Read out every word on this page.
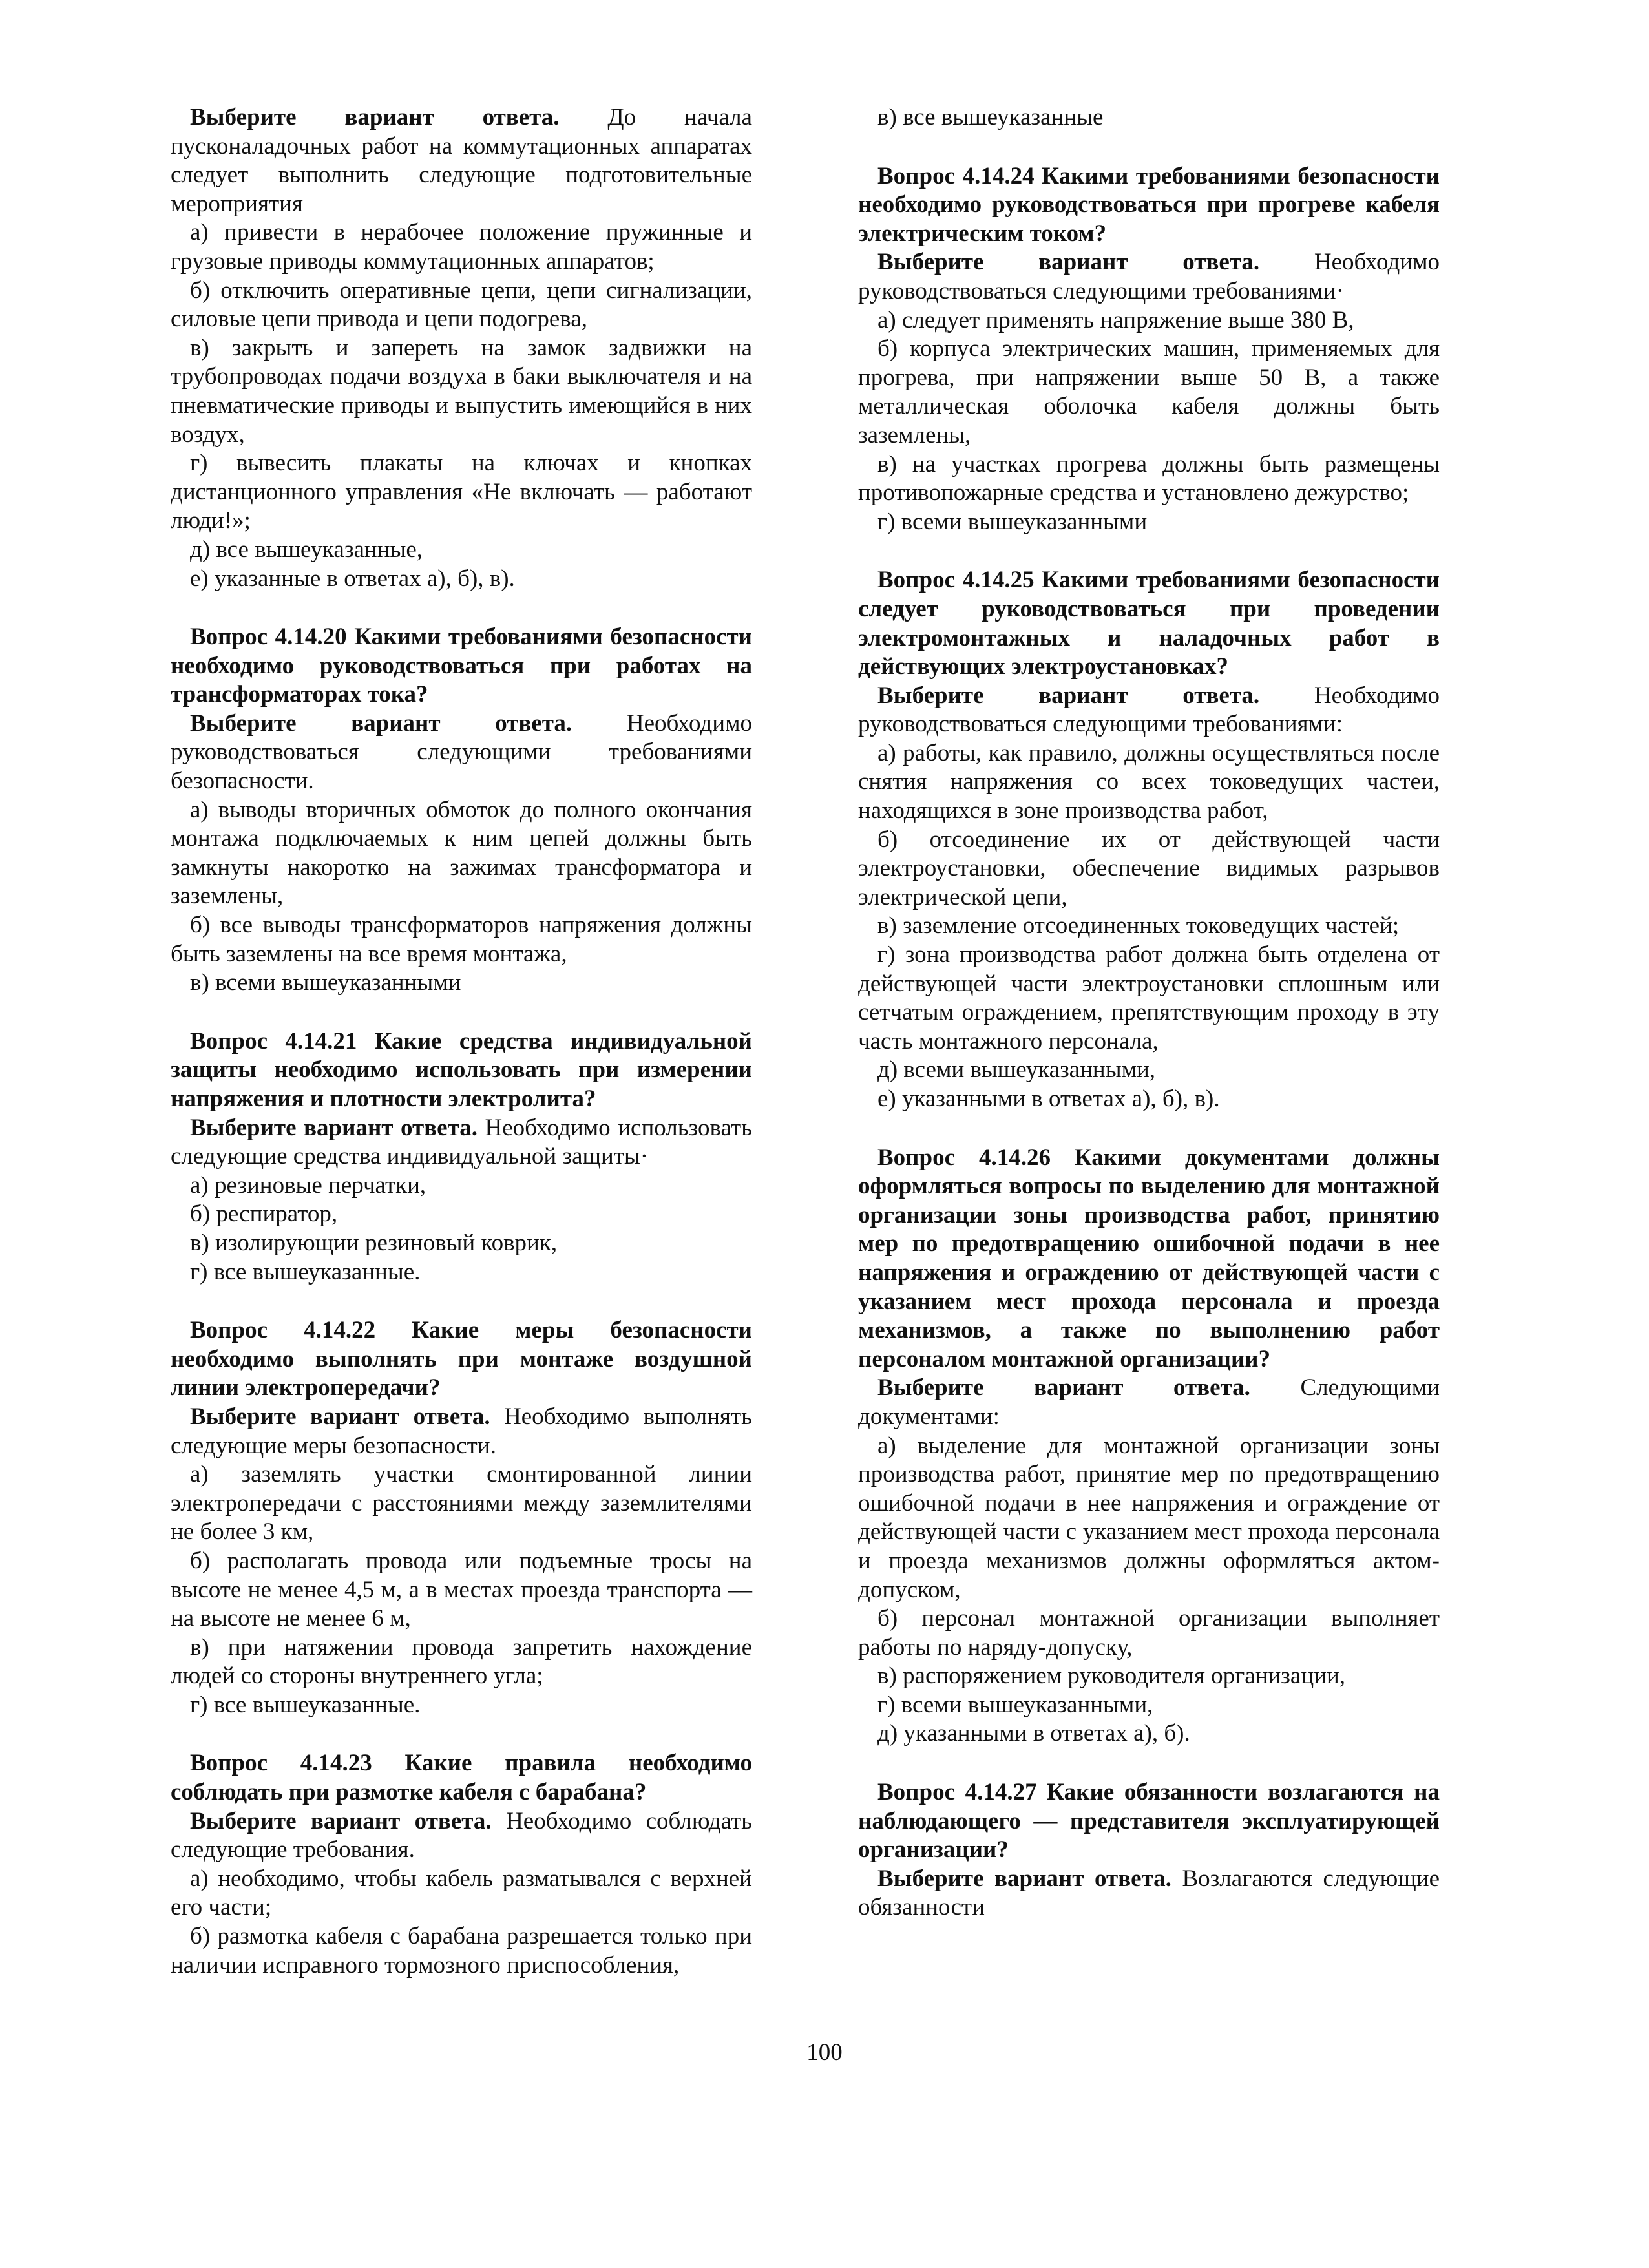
Выберите вариант ответа. До начала пусконаладочных работ на коммутационных аппаратах следует выполнить следующие подготовительные мероприятия

а) привести в нерабочее положение пружинные и грузовые приводы коммутационных аппаратов;

б) отключить оперативные цепи, цепи сигнализации, силовые цепи привода и цепи подогрева,

в) закрыть и запереть на замок задвижки на трубопроводах подачи воздуха в баки выключателя и на пневматические приводы и выпустить имеющийся в них воздух,

г) вывесить плакаты на ключах и кнопках дистанционного управления «Не включать — работают люди!»;

д) все вышеуказанные,

е) указанные в ответах а), б), в).

Вопрос 4.14.20 Какими требованиями безопасности необходимо руководствоваться при работах на трансформаторах тока?

Выберите вариант ответа. Необходимо руководствоваться следующими требованиями безопасности.

а) выводы вторичных обмоток до полного окончания монтажа подключаемых к ним цепей должны быть замкнуты накоротко на зажимах трансформатора и заземлены,

б) все выводы трансформаторов напряжения должны быть заземлены на все время монтажа,

в) всеми вышеуказанными

Вопрос 4.14.21 Какие средства индивидуальной защиты необходимо использовать при измерении напряжения и плотности электролита?

Выберите вариант ответа. Необходимо использовать следующие средства индивидуальной защиты·

а) резиновые перчатки,

б) респиратор,

в) изолирующии резиновый коврик,

г) все вышеуказанные.

Вопрос 4.14.22 Какие меры безопасности необходимо выполнять при монтаже воздушной линии электропередачи?

Выберите вариант ответа. Необходимо выполнять следующие меры безопасности.

а) заземлять участки смонтированной линии электропередачи с расстояниями между заземлителями не более 3 км,

б) располагать провода или подъемные тросы на высоте не менее 4,5 м, а в местах проезда транспорта — на высоте не менее 6 м,

в) при натяжении провода запретить нахождение людей со стороны внутреннего угла;

г) все вышеуказанные.

Вопрос 4.14.23 Какие правила необходимо соблюдать при размотке кабеля с барабана?

Выберите вариант ответа. Необходимо соблюдать следующие требования.

а) необходимо, чтобы кабель разматывался с верхней его части;

б) размотка кабеля с барабана разрешается только при наличии исправного тормозного приспособления,

в) все вышеуказанные

Вопрос 4.14.24 Какими требованиями безопасности необходимо руководствоваться при прогреве кабеля электрическим током?

Выберите вариант ответа. Необходимо руководствоваться следующими требованиями·

а) следует применять напряжение выше 380 В,

б) корпуса электрических машин, применяемых для прогрева, при напряжении выше 50 В, а также металлическая оболочка кабеля должны быть заземлены,

в) на участках прогрева должны быть размещены противопожарные средства и установлено дежурство;

г) всеми вышеуказанными

Вопрос 4.14.25 Какими требованиями безопасности следует руководствоваться при проведении электромонтажных и наладочных работ в действующих электроустановках?

Выберите вариант ответа. Необходимо руководствоваться следующими требованиями:

а) работы, как правило, должны осуществляться после снятия напряжения со всех токоведущих частеи, находящихся в зоне производства работ,

б) отсоединение их от действующей части электроустановки, обеспечение видимых разрывов электрической цепи,

в) заземление отсоединенных токоведущих частей;

г) зона производства работ должна быть отделена от действующей части электроустановки сплошным или сетчатым ограждением, препятствующим проходу в эту часть монтажного персонала,

д) всеми вышеуказанными,

е) указанными в ответах а), б), в).

Вопрос 4.14.26 Какими документами должны оформляться вопросы по выделению для монтажной организации зоны производства работ, принятию мер по предотвращению ошибочной подачи в нее напряжения и ограждению от действующей части с указанием мест прохода персонала и проезда механизмов, а также по выполнению работ персоналом монтажной организации?

Выберите вариант ответа. Следующими документами:

а) выделение для монтажной организации зоны производства работ, принятие мер по предотвращению ошибочной подачи в нее напряжения и ограждение от действующей части с указанием мест прохода персонала и проезда механизмов должны оформляться актом-допуском,

б) персонал монтажной организации выполняет работы по наряду-допуску,

в) распоряжением руководителя организации,

г) всеми вышеуказанными,

д) указанными в ответах а), б).

Вопрос 4.14.27 Какие обязанности возлагаются на наблюдающего — представителя эксплуатирующей организации?

Выберите вариант ответа. Возлагаются следующие обязанности

100
